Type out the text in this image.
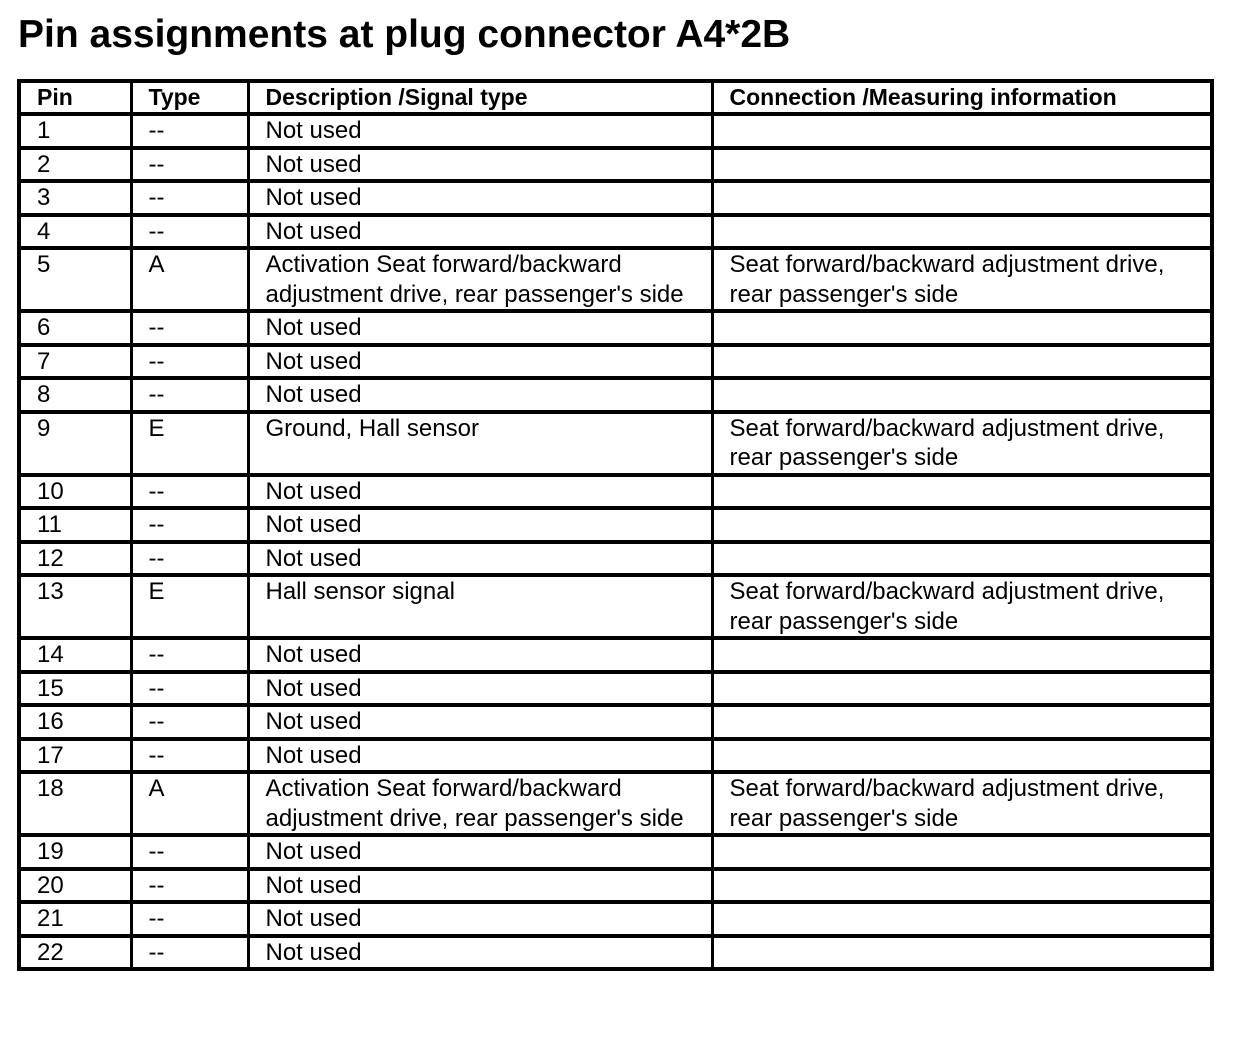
Pin assignments at plug connector A4*2B
Pin	Type	Description /Signal type	Connection /Measuring information
1	--	Not used	
2	--	Not used	
3	--	Not used	
4	--	Not used	
5	A	Activation Seat forward/backward adjustment drive, rear passenger's side	Seat forward/backward adjustment drive, rear passenger's side
6	--	Not used	
7	--	Not used	
8	--	Not used	
9	E	Ground, Hall sensor	Seat forward/backward adjustment drive, rear passenger's side
10	--	Not used	
11	--	Not used	
12	--	Not used	
13	E	Hall sensor signal	Seat forward/backward adjustment drive, rear passenger's side
14	--	Not used	
15	--	Not used	
16	--	Not used	
17	--	Not used	
18	A	Activation Seat forward/backward adjustment drive, rear passenger's side	Seat forward/backward adjustment drive, rear passenger's side
19	--	Not used	
20	--	Not used	
21	--	Not used	
22	--	Not used	
